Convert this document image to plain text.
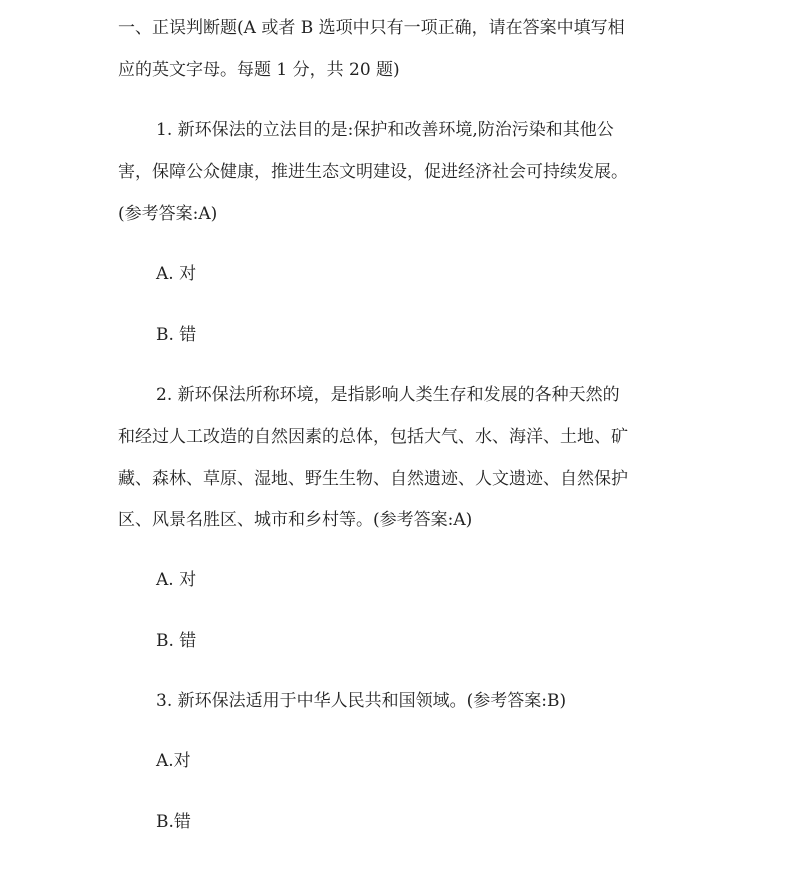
一、正误判断题(A 或者 B 选项中只有一项正确，请在答案中填写相
应的英文字母。每题 1 分，共 20 题)
1. 新环保法的立法目的是:保护和改善环境,防治污染和其他公
害，保障公众健康，推进生态文明建设，促进经济社会可持续发展。
(参考答案:A)
A. 对
B. 错
2. 新环保法所称环境，是指影响人类生存和发展的各种天然的
和经过人工改造的自然因素的总体，包括大气、水、海洋、土地、矿
藏、森林、草原、湿地、野生生物、自然遗迹、人文遗迹、自然保护
区、风景名胜区、城市和乡村等。(参考答案:A)
A. 对
B. 错
3. 新环保法适用于中华人民共和国领域。(参考答案:B)
A.对
B.错
